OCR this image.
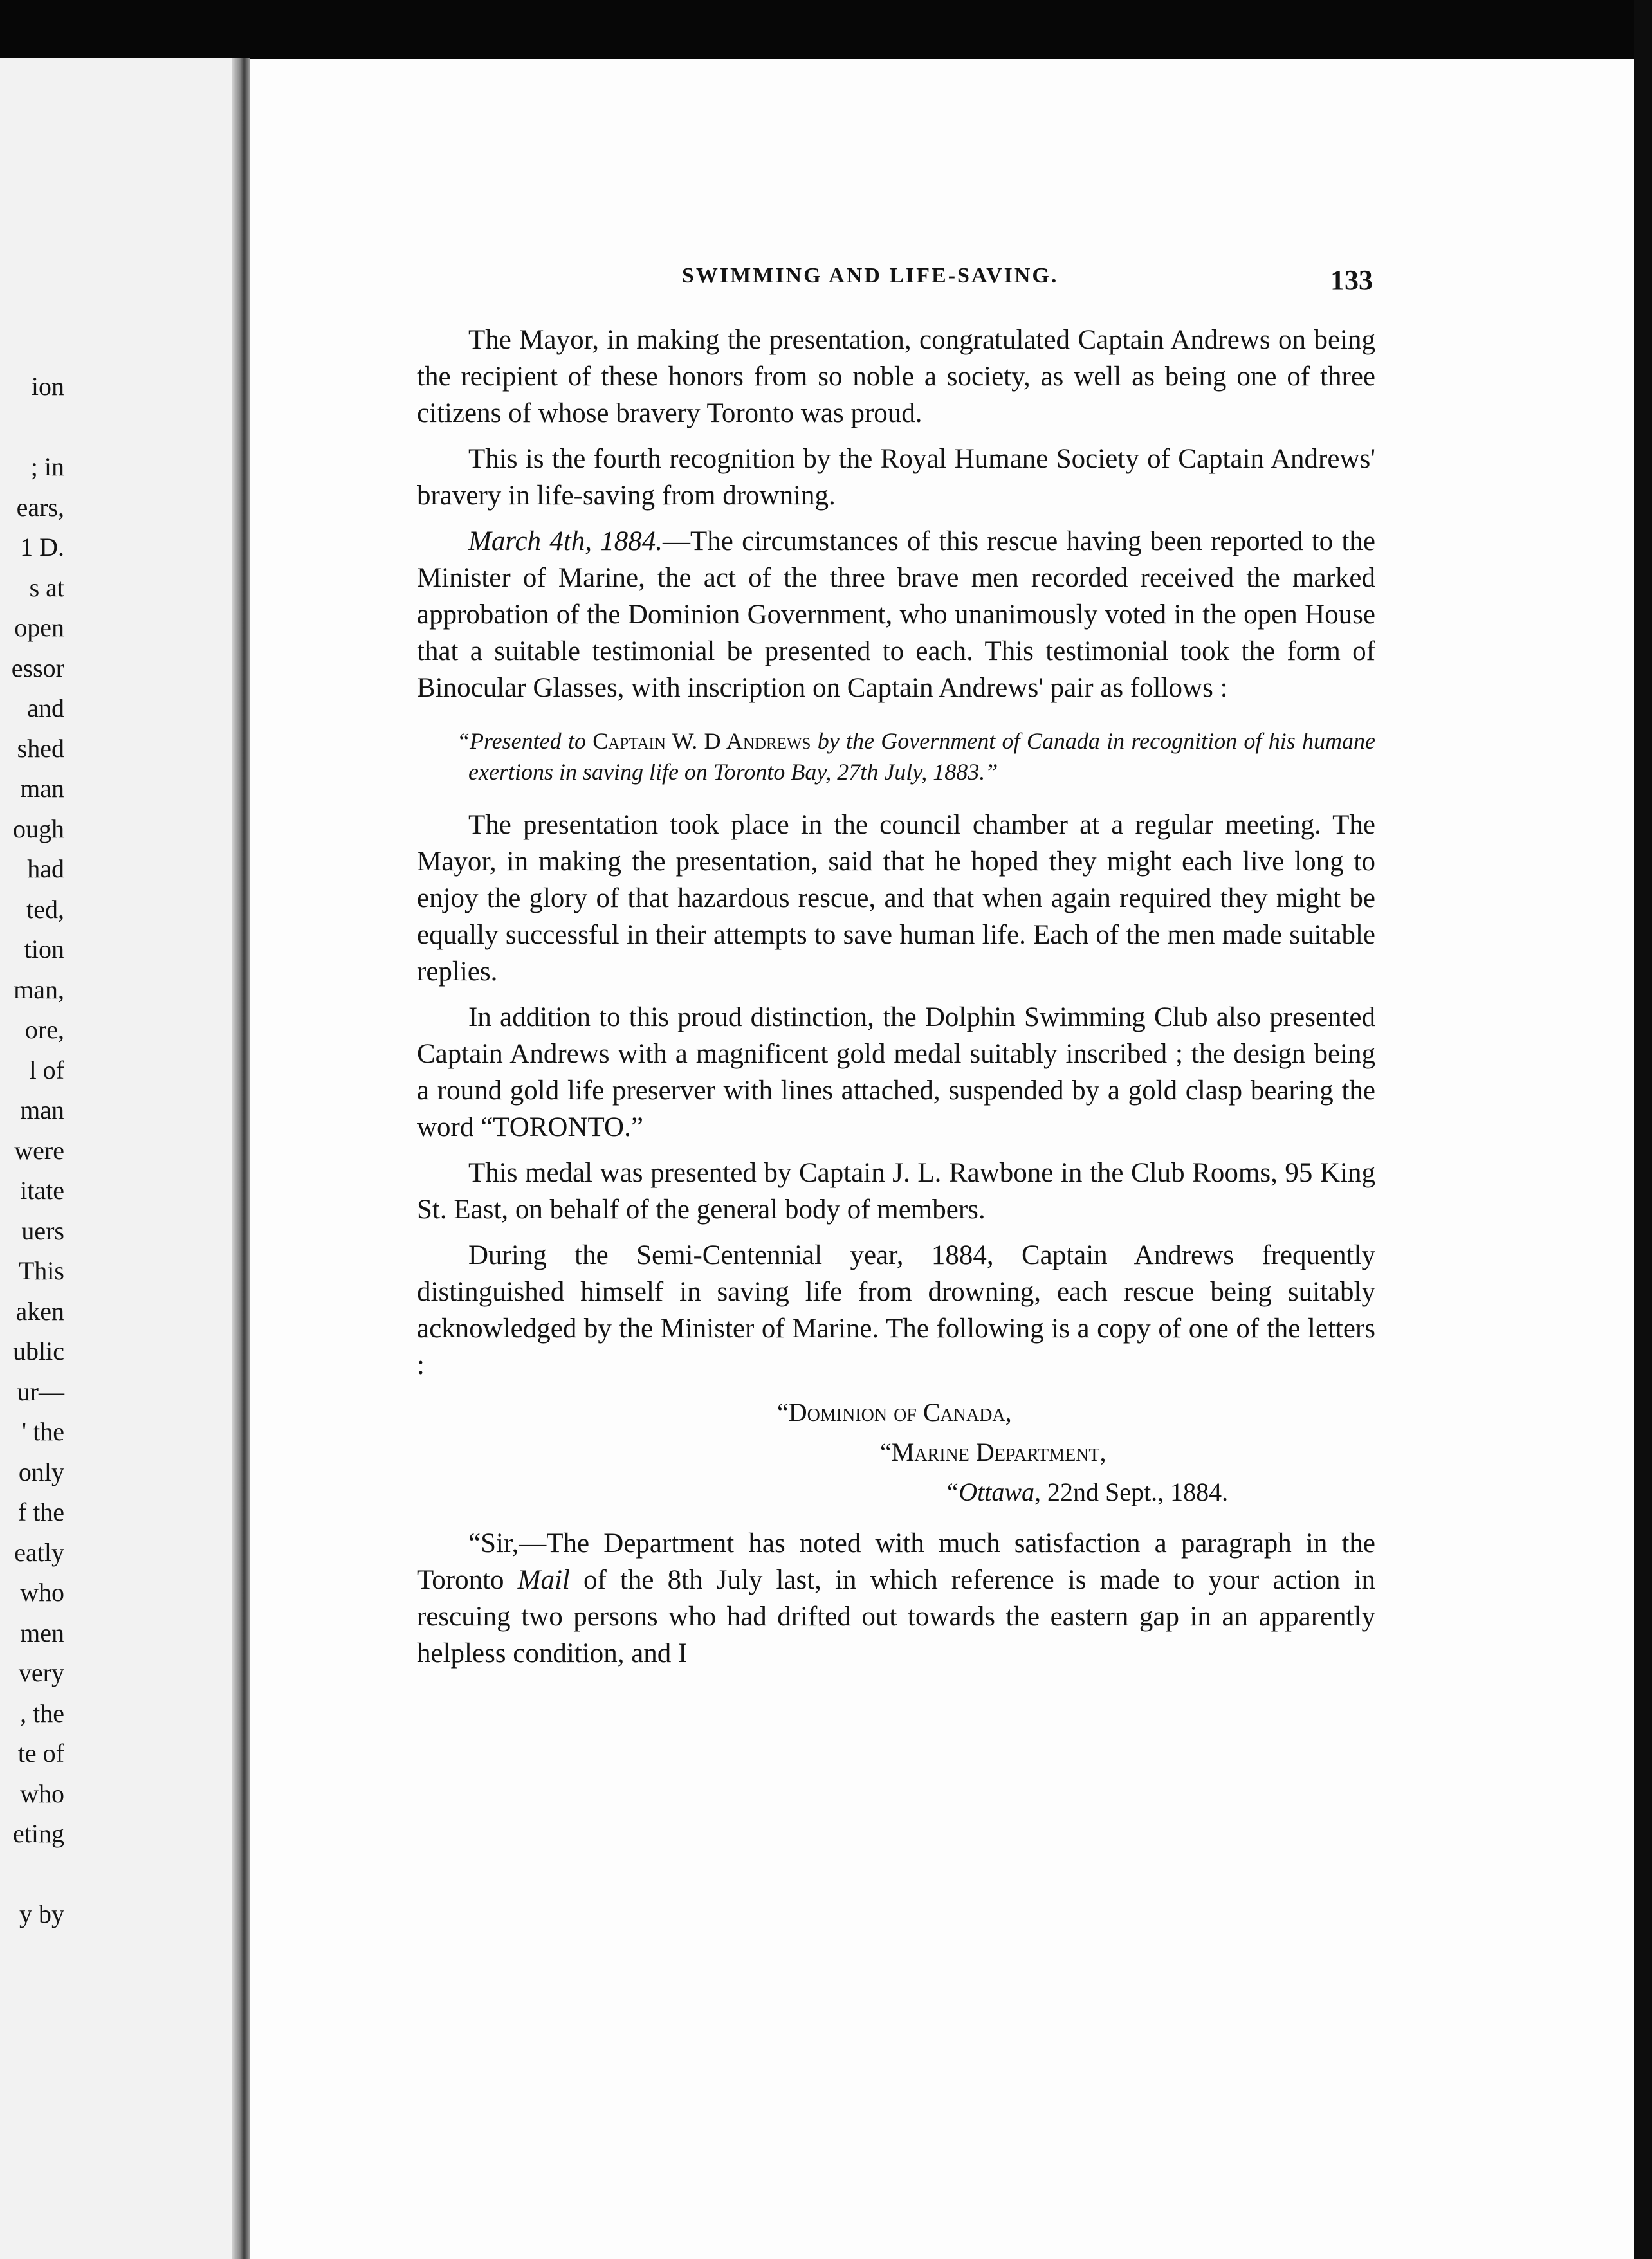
ion
; in
ears,
1 D.
s at
open
essor
and
shed
man
ough
had
ted,
tion
man,
ore,
l of
man
were
itate
uers
This
aken
ublic
ur—
' the
only
f the
eatly
who
men
very
, the
te of
who
eting
y by
SWIMMING AND LIFE-SAVING.	133

The Mayor, in making the presentation, congratulated Captain Andrews on being the recipient of these honors from so noble a society, as well as being one of three citizens of whose bravery Toronto was proud.

This is the fourth recognition by the Royal Humane Society of Captain Andrews' bravery in life-saving from drowning.

March 4th, 1884.—The circumstances of this rescue having been reported to the Minister of Marine, the act of the three brave men recorded received the marked approbation of the Dominion Government, who unanimously voted in the open House that a suitable testimonial be presented to each. This testimonial took the form of Binocular Glasses, with inscription on Captain Andrews' pair as follows :

“Presented to Captain W. D Andrews by the Government of Canada in recognition of his humane exertions in saving life on Toronto Bay, 27th July, 1883.”

The presentation took place in the council chamber at a regular meeting. The Mayor, in making the presentation, said that he hoped they might each live long to enjoy the glory of that hazardous rescue, and that when again required they might be equally successful in their attempts to save human life. Each of the men made suitable replies.

In addition to this proud distinction, the Dolphin Swimming Club also presented Captain Andrews with a magnificent gold medal suitably inscribed ; the design being a round gold life preserver with lines attached, suspended by a gold clasp bearing the word “TORONTO.”

This medal was presented by Captain J. L. Rawbone in the Club Rooms, 95 King St. East, on behalf of the general body of members.

During the Semi-Centennial year, 1884, Captain Andrews frequently distinguished himself in saving life from drowning, each rescue being suitably acknowledged by the Minister of Marine. The following is a copy of one of the letters :

“Dominion of Canada,
“Marine Department,
“Ottawa, 22nd Sept., 1884.

“Sir,—The Department has noted with much satisfaction a paragraph in the Toronto Mail of the 8th July last, in which reference is made to your action in rescuing two persons who had drifted out towards the eastern gap in an apparently helpless condition, and I
